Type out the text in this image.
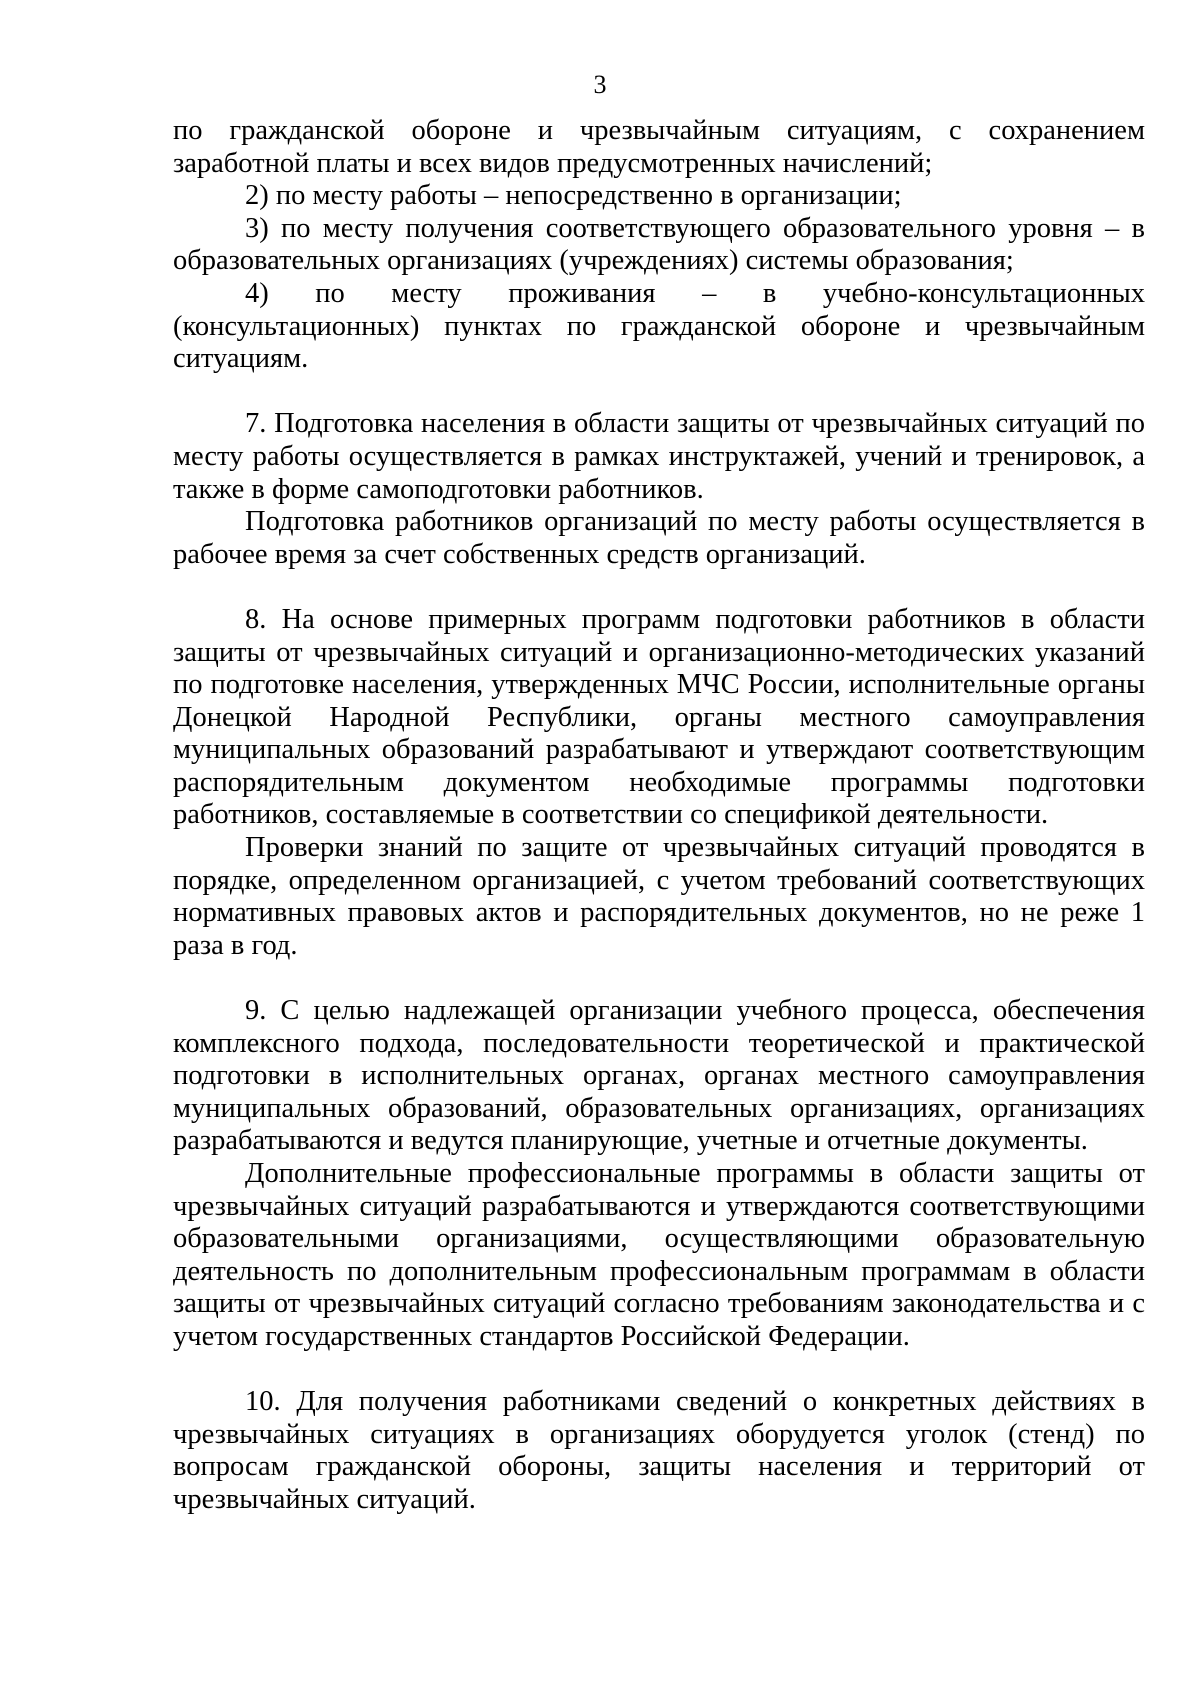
3

по гражданской обороне и чрезвычайным ситуациям, с сохранением заработной платы и всех видов предусмотренных начислений;

2) по месту работы – непосредственно в организации;

3) по месту получения соответствующего образовательного уровня – в образовательных организациях (учреждениях) системы образования;

4) по месту проживания – в учебно-консультационных (консультационных) пунктах по гражданской обороне и чрезвычайным ситуациям.

7. Подготовка населения в области защиты от чрезвычайных ситуаций по месту работы осуществляется в рамках инструктажей, учений и тренировок, а также в форме самоподготовки работников.

Подготовка работников организаций по месту работы осуществляется в рабочее время за счет собственных средств организаций.

8. На основе примерных программ подготовки работников в области защиты от чрезвычайных ситуаций и организационно-методических указаний по подготовке населения, утвержденных МЧС России, исполнительные органы Донецкой Народной Республики, органы местного самоуправления муниципальных образований разрабатывают и утверждают соответствующим распорядительным документом необходимые программы подготовки работников, составляемые в соответствии со спецификой деятельности.

Проверки знаний по защите от чрезвычайных ситуаций проводятся в порядке, определенном организацией, с учетом требований соответствующих нормативных правовых актов и распорядительных документов, но не реже 1 раза в год.

9. С целью надлежащей организации учебного процесса, обеспечения комплексного подхода, последовательности теоретической и практической подготовки в исполнительных органах, органах местного самоуправления муниципальных образований, образовательных организациях, организациях разрабатываются и ведутся планирующие, учетные и отчетные документы.

Дополнительные профессиональные программы в области защиты от чрезвычайных ситуаций разрабатываются и утверждаются соответствующими образовательными организациями, осуществляющими образовательную деятельность по дополнительным профессиональным программам в области защиты от чрезвычайных ситуаций согласно требованиям законодательства и с учетом государственных стандартов Российской Федерации.

10. Для получения работниками сведений о конкретных действиях в чрезвычайных ситуациях в организациях оборудуется уголок (стенд) по вопросам гражданской обороны, защиты населения и территорий от чрезвычайных ситуаций.
